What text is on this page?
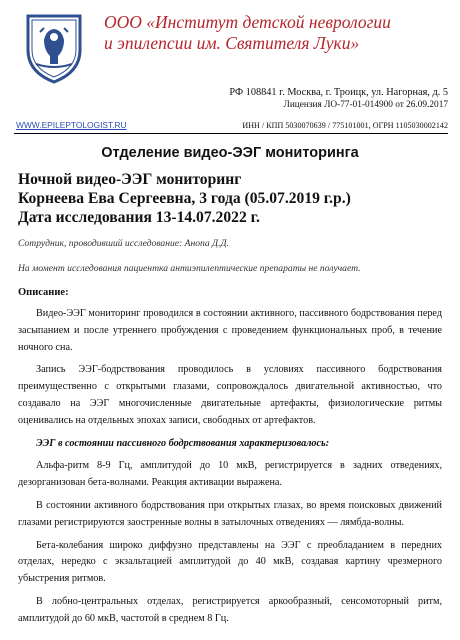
ООО «Институт детской неврологии
и эпилепсии им. Святителя Луки»
РФ 108841 г. Москва, г. Троицк, ул. Нагорная, д. 5
Лицензия ЛО-77-01-014900 от 26.09.2017
WWW.EPILEPTOLOGIST.RU	ИНН / КПП 5030070639 / 775101001, ОГРН 1105030002142
Отделение видео-ЭЭГ мониторинга
Ночной видео-ЭЭГ мониторинг
Корнеева Ева Сергеевна, 3 года (05.07.2019 г.р.)
Дата исследования 13-14.07.2022 г.
Сотрудник, проводивший исследование: Анопа Д.Д.
На момент исследования пациентка антиэпилептические препараты не получает.
Описание:

Видео-ЭЭГ мониторинг проводился в состоянии активного, пассивного бодрствования перед засыпанием и после утреннего пробуждения с проведением функциональных проб, в течение ночного сна.

Запись ЭЭГ-бодрствования проводилось в условиях пассивного бодрствования преимущественно с открытыми глазами, сопровождалось двигательной активностью, что создавало на ЭЭГ многочисленные двигательные артефакты, физиологические ритмы оценивались на отдельных эпохах записи, свободных от артефактов.

ЭЭГ в состоянии пассивного бодрствования характеризовалось:

Альфа-ритм 8-9 Гц, амплитудой до 10 мкВ, регистрируется в задних отведениях, дезорганизован бета-волнами. Реакция активации выражена.

В состоянии активного бодрствования при открытых глазах, во время поисковых движений глазами регистрируются заостренные волны в затылочных отведениях — лямбда-волны.

Бета-колебания широко диффузно представлены на ЭЭГ с преобладанием в передних отделах, нередко с экзальтацией амплитудой до 40 мкВ, создавая картину чрезмерного убыстрения ритмов.

В лобно-центральных отделах, регистрируется аркообразный, сенсомоторный ритм, амплитудой до 60 мкВ, частотой в среднем 8 Гц.
